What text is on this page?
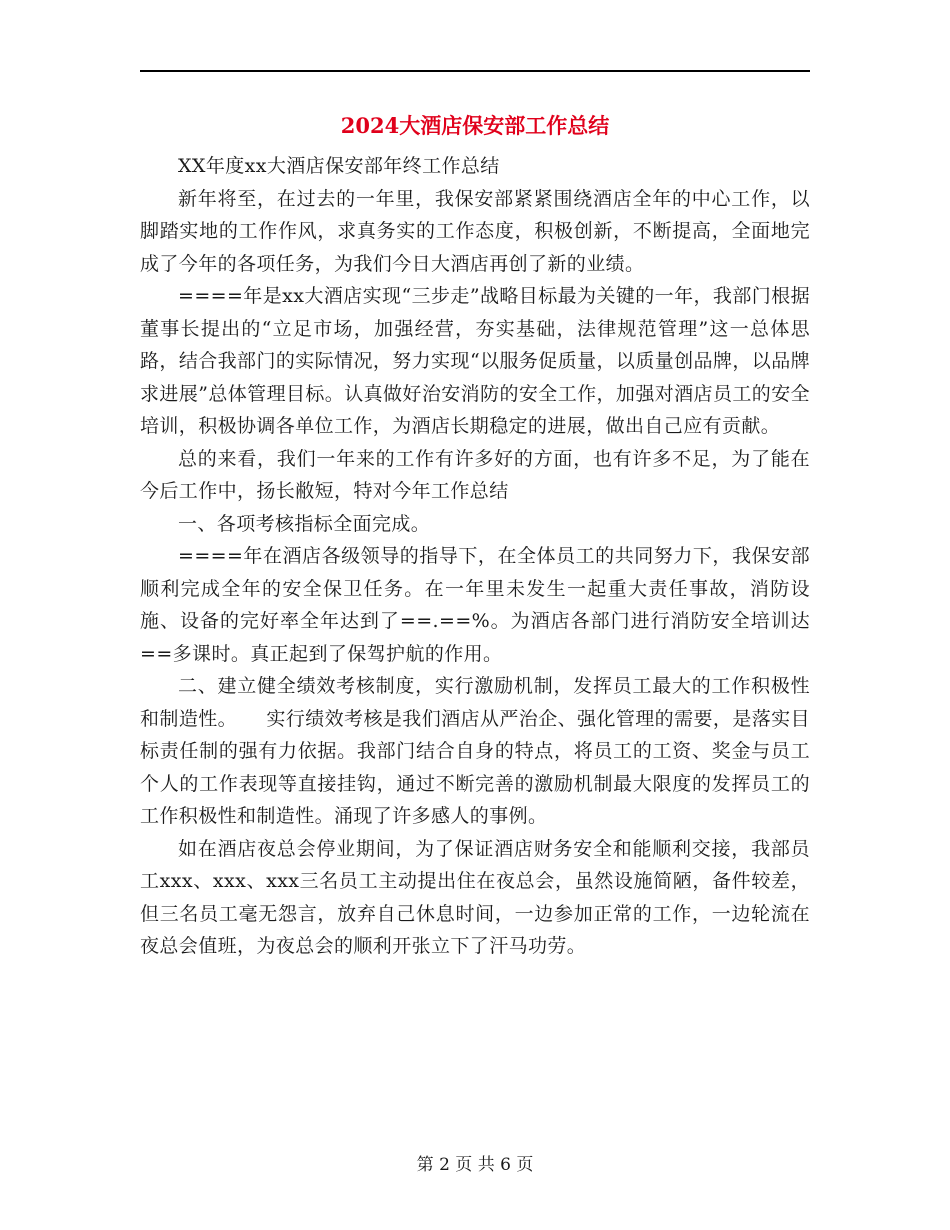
2024大酒店保安部工作总结

XX年度xx大酒店保安部年终工作总结

新年将至，在过去的一年里，我保安部紧紧围绕酒店全年的中心工作，以脚踏实地的工作作风，求真务实的工作态度，积极创新，不断提高，全面地完成了今年的各项任务，为我们今日大酒店再创了新的业绩。

====年是xx大酒店实现“三步走”战略目标最为关键的一年，我部门根据董事长提出的“立足市场，加强经营，夯实基础，法律规范管理”这一总体思路，结合我部门的实际情况，努力实现“以服务促质量，以质量创品牌，以品牌求进展”总体管理目标。认真做好治安消防的安全工作，加强对酒店员工的安全培训，积极协调各单位工作，为酒店长期稳定的进展，做出自己应有贡献。

总的来看，我们一年来的工作有许多好的方面，也有许多不足，为了能在今后工作中，扬长敝短，特对今年工作总结

一、各项考核指标全面完成。

====年在酒店各级领导的指导下，在全体员工的共同努力下，我保安部顺利完成全年的安全保卫任务。在一年里未发生一起重大责任事故，消防设施、设备的完好率全年达到了==.==%。为酒店各部门进行消防安全培训达==多课时。真正起到了保驾护航的作用。

二、建立健全绩效考核制度，实行激励机制，发挥员工最大的工作积极性和制造性。　　实行绩效考核是我们酒店从严治企、强化管理的需要，是落实目标责任制的强有力依据。我部门结合自身的特点，将员工的工资、奖金与员工个人的工作表现等直接挂钩，通过不断完善的激励机制最大限度的发挥员工的工作积极性和制造性。涌现了许多感人的事例。

如在酒店夜总会停业期间，为了保证酒店财务安全和能顺利交接，我部员工xxx、xxx、xxx三名员工主动提出住在夜总会，虽然设施简陋，备件较差，但三名员工毫无怨言，放弃自己休息时间，一边参加正常的工作，一边轮流在夜总会值班，为夜总会的顺利开张立下了汗马功劳。

第 2 页 共 6 页
